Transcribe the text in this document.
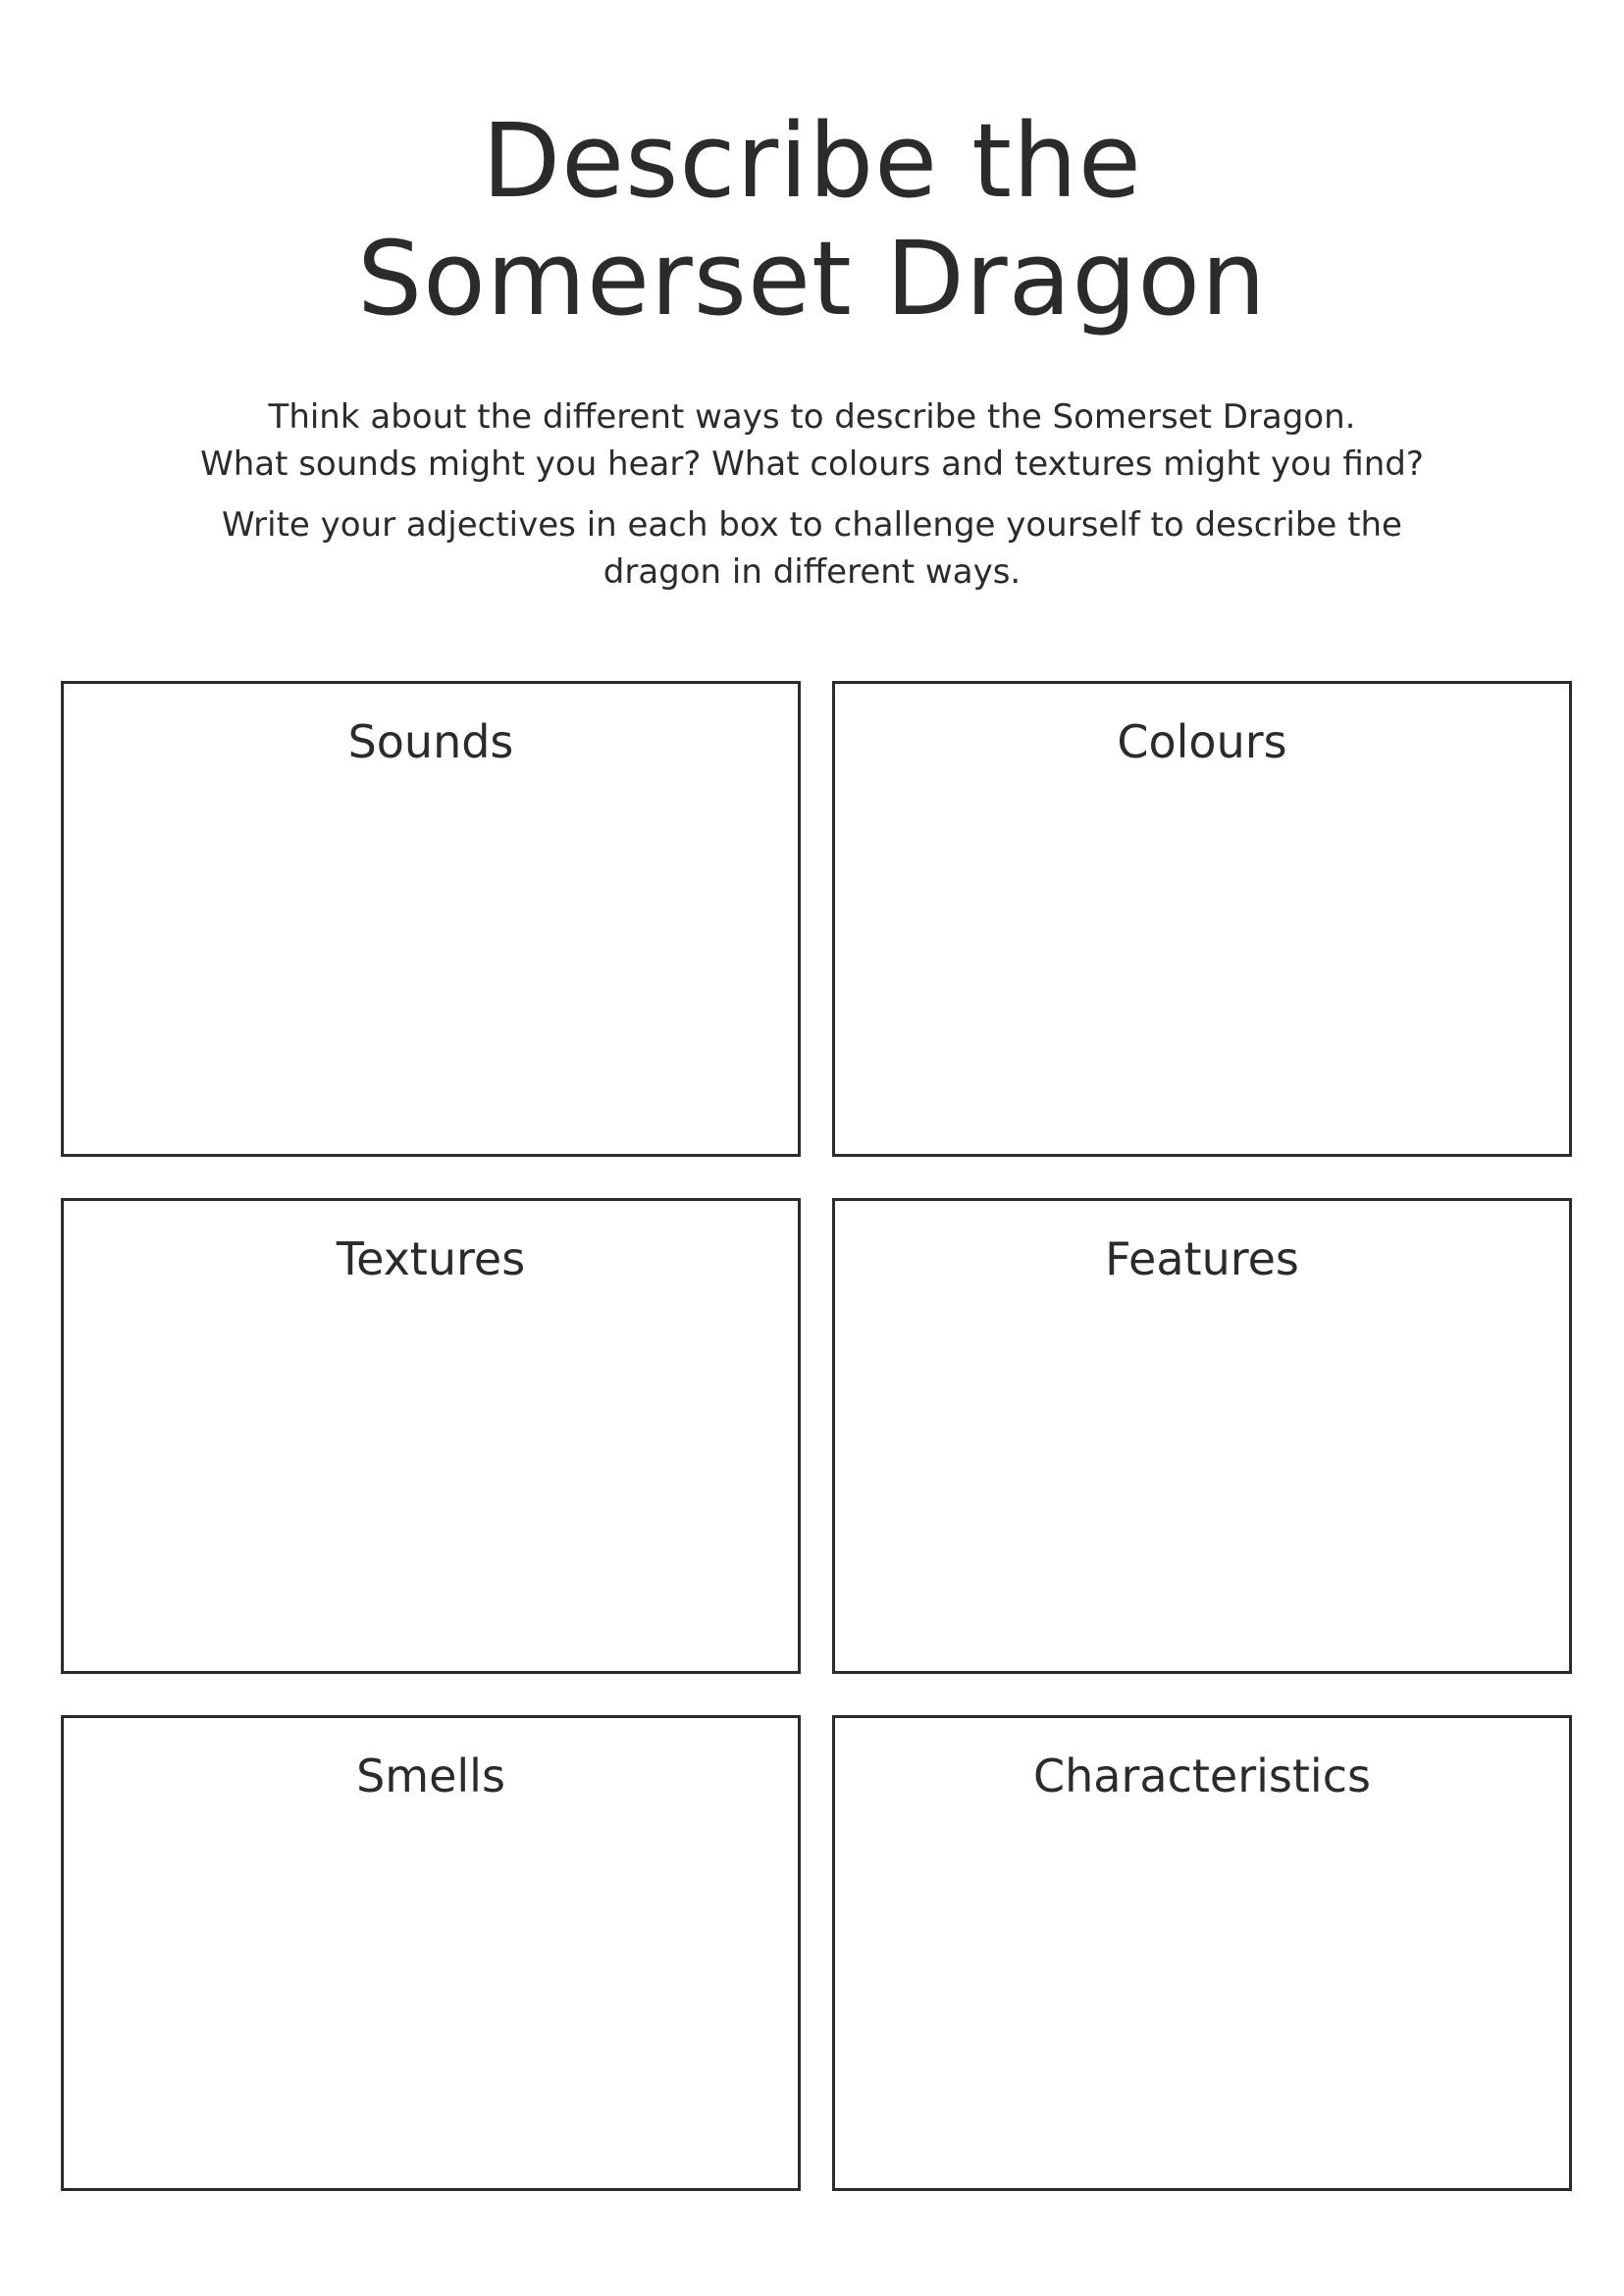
Describe the
Somerset Dragon

Think about the different ways to describe the Somerset Dragon.

What sounds might you hear? What colours and textures might you find?

Write your adjectives in each box to challenge yourself to describe the

dragon in different ways.

Sounds	Colours
Textures	Features
Smells	Characteristics
